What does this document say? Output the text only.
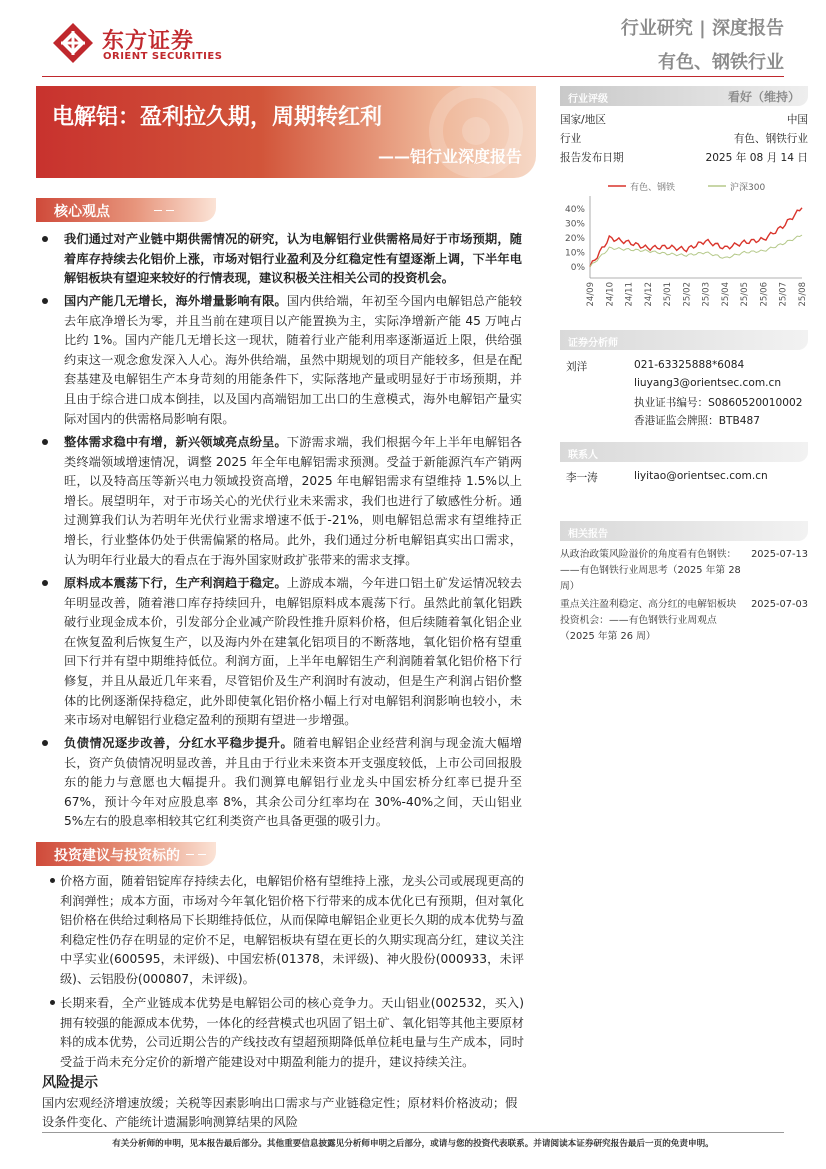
东方证券
ORIENT SECURITIES
行业研究 | 深度报告
有色、钢铁行业
电解铝：盈利拉久期，周期转红利
——铝行业深度报告
核心观点

我们通过对产业链中期供需情况的研究，认为电解铝行业供需格局好于市场预期，随着库存持续去化铝价上涨，市场对铝行业盈利及分红稳定性有望逐渐上调，下半年电解铝板块有望迎来较好的行情表现，建议积极关注相关公司的投资机会。

国内产能几无增长，海外增量影响有限。国内供给端，年初至今国内电解铝总产能较去年底净增长为零，并且当前在建项目以产能置换为主，实际净增新产能 45 万吨占比约 1%。国内产能几无增长这一现状，随着行业产能利用率逐渐逼近上限，供给强约束这一观念愈发深入人心。海外供给端，虽然中期规划的项目产能较多，但是在配套基建及电解铝生产本身苛刻的用能条件下，实际落地产量或明显好于市场预期，并且由于综合进口成本倒挂，以及国内高端铝加工出口的生意模式，海外电解铝产量实际对国内的供需格局影响有限。

整体需求稳中有增，新兴领域亮点纷呈。下游需求端，我们根据今年上半年电解铝各类终端领域增速情况，调整 2025 年全年电解铝需求预测。受益于新能源汽车产销两旺，以及特高压等新兴电力领域投资高增，2025 年电解铝需求有望维持 1.5%以上增长。展望明年，对于市场关心的光伏行业未来需求，我们也进行了敏感性分析。通过测算我们认为若明年光伏行业需求增速不低于-21%，则电解铝总需求有望维持正增长，行业整体仍处于供需偏紧的格局。此外，我们通过分析电解铝真实出口需求，认为明年行业最大的看点在于海外国家财政扩张带来的需求支撑。

原料成本震荡下行，生产利润趋于稳定。上游成本端，今年进口铝土矿发运情况较去年明显改善，随着港口库存持续回升，电解铝原料成本震荡下行。虽然此前氧化铝跌破行业现金成本价，引发部分企业减产阶段性推升原料价格，但后续随着氧化铝企业在恢复盈利后恢复生产，以及海内外在建氧化铝项目的不断落地，氧化铝价格有望重回下行并有望中期维持低位。利润方面，上半年电解铝生产利润随着氧化铝价格下行修复，并且从最近几年来看，尽管铝价及生产利润时有波动，但是生产利润占铝价整体的比例逐渐保持稳定，此外即使氧化铝价格小幅上行对电解铝利润影响也较小，未来市场对电解铝行业稳定盈利的预期有望进一步增强。

负债情况逐步改善，分红水平稳步提升。随着电解铝企业经营利润与现金流大幅增长，资产负债情况明显改善，并且由于行业未来资本开支强度较低，上市公司回报股东的能力与意愿也大幅提升。我们测算电解铝行业龙头中国宏桥分红率已提升至 67%，预计今年对应股息率 8%，其余公司分红率均在 30%-40%之间，天山铝业 5%左右的股息率相较其它红利类资产也具备更强的吸引力。

投资建议与投资标的

价格方面，随着铝锭库存持续去化，电解铝价格有望维持上涨，龙头公司或展现更高的利润弹性；成本方面，市场对今年氧化铝价格下行带来的成本优化已有预期，但对氧化铝价格在供给过剩格局下长期维持低位，从而保障电解铝企业更长久期的成本优势与盈利稳定性仍存在明显的定价不足，电解铝板块有望在更长的久期实现高分红，建议关注中孚实业(600595，未评级)、中国宏桥(01378，未评级)、神火股份(000933，未评级)、云铝股份(000807，未评级)。

长期来看，全产业链成本优势是电解铝公司的核心竞争力。天山铝业(002532，买入)拥有较强的能源成本优势，一体化的经营模式也巩固了铝土矿、氧化铝等其他主要原材料的成本优势，公司近期公告的产线技改有望超预期降低单位耗电量与生产成本，同时受益于尚未充分定价的新增产能建设对中期盈利能力的提升，建议持续关注。

风险提示
国内宏观经济增速放缓；关税等因素影响出口需求与产业链稳定性；原材料价格波动；假设条件变化、产能统计遗漏影响测算结果的风险
有关分析师的申明，见本报告最后部分。其他重要信息披露见分析师申明之后部分，或请与您的投资代表联系。并请阅读本证券研究报告最后一页的免责申明。
行业评级	看好（维持）
国家/地区	中国
行业	有色、钢铁行业
报告发布日期	2025 年 08 月 14 日
有色、钢铁	沪深300
40%
30%
20%
10%
0%
24/09 24/10 24/11 24/12 25/01 25/02 25/03 25/04 25/05 25/06 25/07 25/08
证券分析师
刘洋	021-63325888*6084
liuyang3@orientsec.com.cn
执业证书编号：S0860520010002
香港证监会牌照：BTB487
联系人
李一涛	liyitao@orientsec.com.cn
相关报告
从政治政策风险溢价的角度看有色钢铁：
——有色钢铁行业周思考（2025 年第 28
周）
2025-07-13
重点关注盈利稳定、高分红的电解铝板块
投资机会：——有色钢铁行业周观点
（2025 年第 26 周）
2025-07-03
